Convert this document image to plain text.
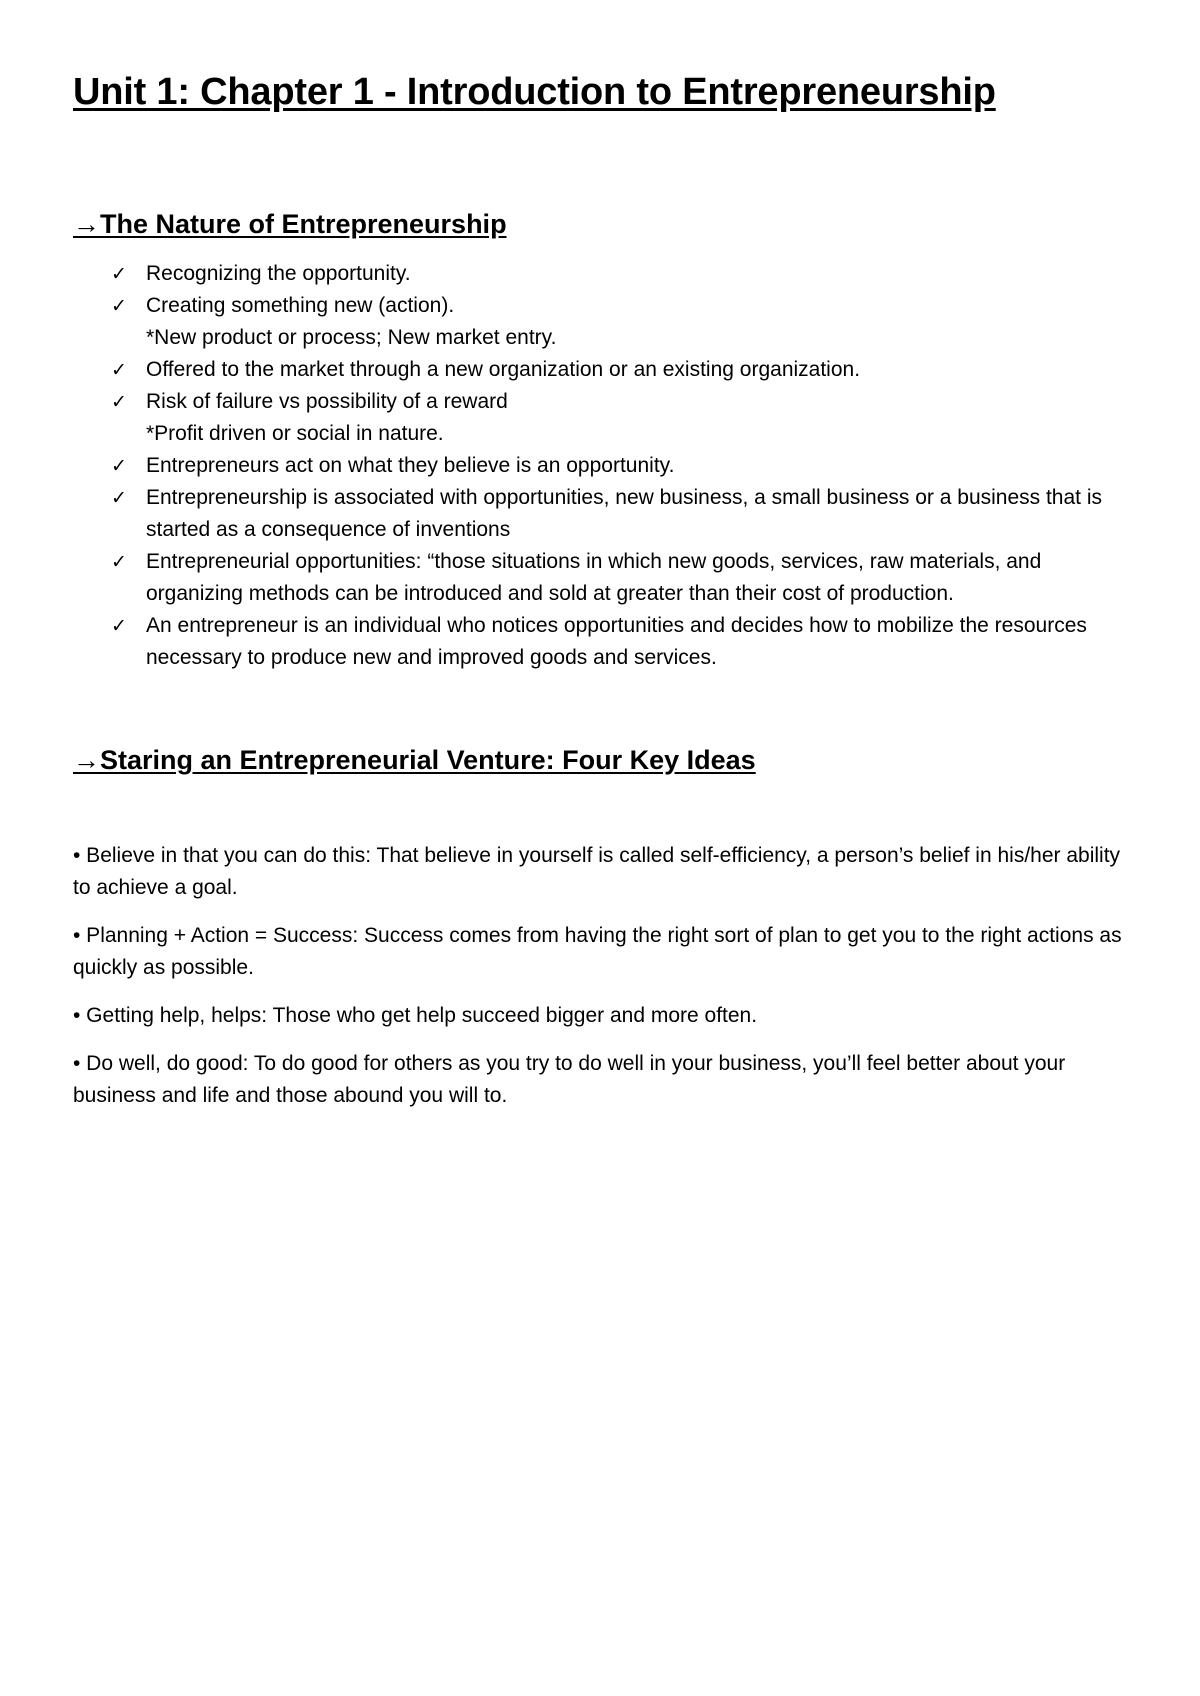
Unit 1: Chapter 1 - Introduction to Entrepreneurship
→The Nature of Entrepreneurship
✓ Recognizing the opportunity.
✓ Creating something new (action).
*New product or process; New market entry.
✓ Offered to the market through a new organization or an existing organization.
✓ Risk of failure vs possibility of a reward
*Profit driven or social in nature.
✓ Entrepreneurs act on what they believe is an opportunity.
✓ Entrepreneurship is associated with opportunities, new business, a small business or a business that is started as a consequence of inventions
✓ Entrepreneurial opportunities: “those situations in which new goods, services, raw materials, and organizing methods can be introduced and sold at greater than their cost of production.
✓ An entrepreneur is an individual who notices opportunities and decides how to mobilize the resources necessary to produce new and improved goods and services.
→Staring an Entrepreneurial Venture: Four Key Ideas
• Believe in that you can do this: That believe in yourself is called self-efficiency, a person’s belief in his/her ability to achieve a goal.
• Planning + Action = Success: Success comes from having the right sort of plan to get you to the right actions as quickly as possible.
• Getting help, helps: Those who get help succeed bigger and more often.
• Do well, do good: To do good for others as you try to do well in your business, you’ll feel better about your business and life and those abound you will to.
